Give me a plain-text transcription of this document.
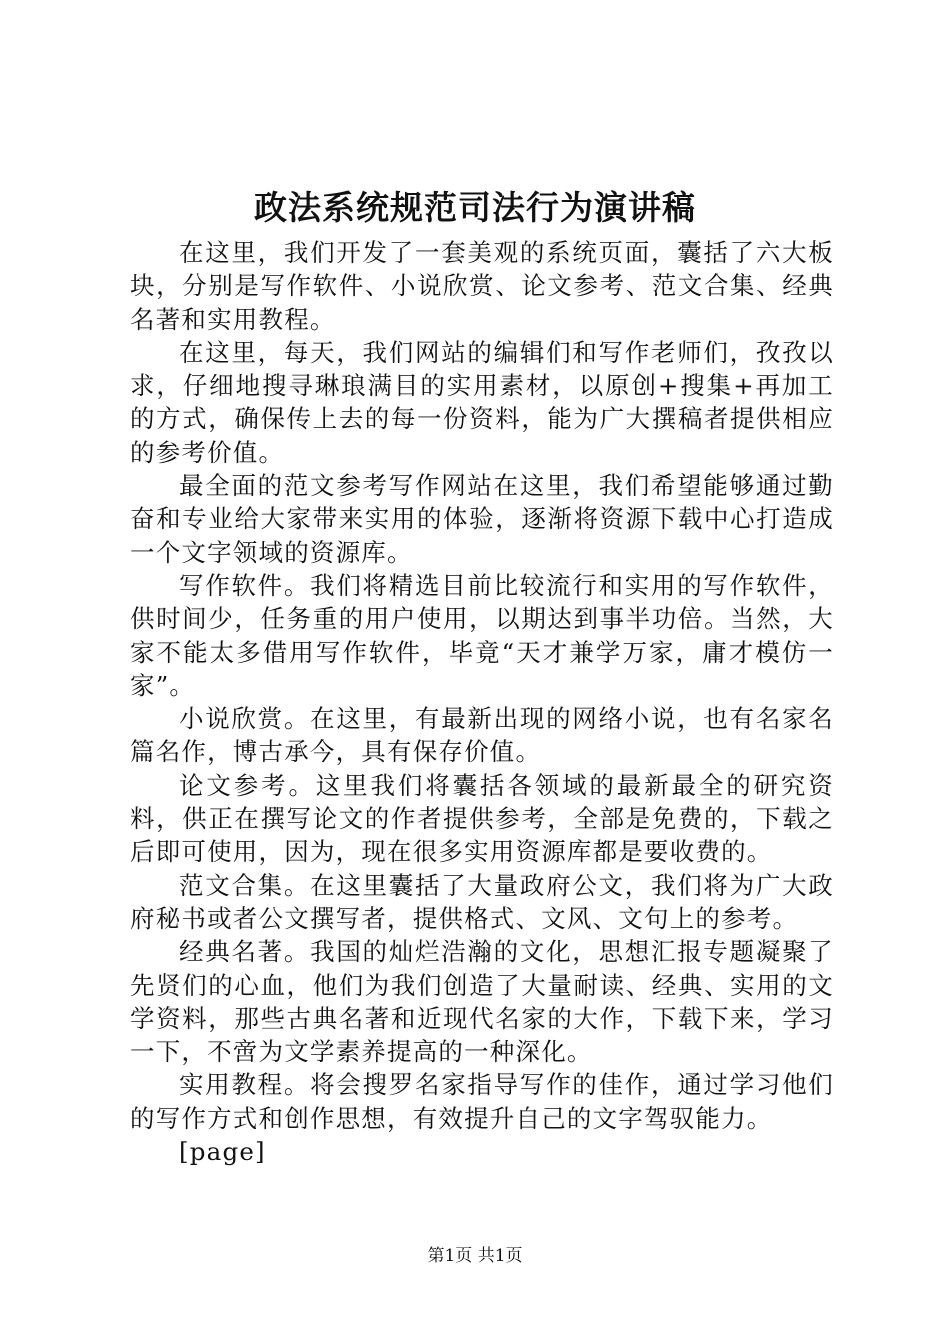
政法系统规范司法行为演讲稿

在这里，我们开发了一套美观的系统页面，囊括了六大板块，分别是写作软件、小说欣赏、论文参考、范文合集、经典名著和实用教程。

在这里，每天，我们网站的编辑们和写作老师们，孜孜以求，仔细地搜寻琳琅满目的实用素材，以原创+搜集+再加工的方式，确保传上去的每一份资料，能为广大撰稿者提供相应的参考价值。

最全面的范文参考写作网站在这里，我们希望能够通过勤奋和专业给大家带来实用的体验，逐渐将资源下载中心打造成一个文字领域的资源库。

写作软件。我们将精选目前比较流行和实用的写作软件，供时间少，任务重的用户使用，以期达到事半功倍。当然，大家不能太多借用写作软件，毕竟“天才兼学万家，庸才模仿一家”。

小说欣赏。在这里，有最新出现的网络小说，也有名家名篇名作，博古承今，具有保存价值。

论文参考。这里我们将囊括各领域的最新最全的研究资料，供正在撰写论文的作者提供参考，全部是免费的，下载之后即可使用，因为，现在很多实用资源库都是要收费的。

范文合集。在这里囊括了大量政府公文，我们将为广大政府秘书或者公文撰写者，提供格式、文风、文句上的参考。

经典名著。我国的灿烂浩瀚的文化，思想汇报专题凝聚了先贤们的心血，他们为我们创造了大量耐读、经典、实用的文学资料，那些古典名著和近现代名家的大作，下载下来，学习一下，不啻为文学素养提高的一种深化。

实用教程。将会搜罗名家指导写作的佳作，通过学习他们的写作方式和创作思想，有效提升自己的文字驾驭能力。

[page]

第1页 共1页
